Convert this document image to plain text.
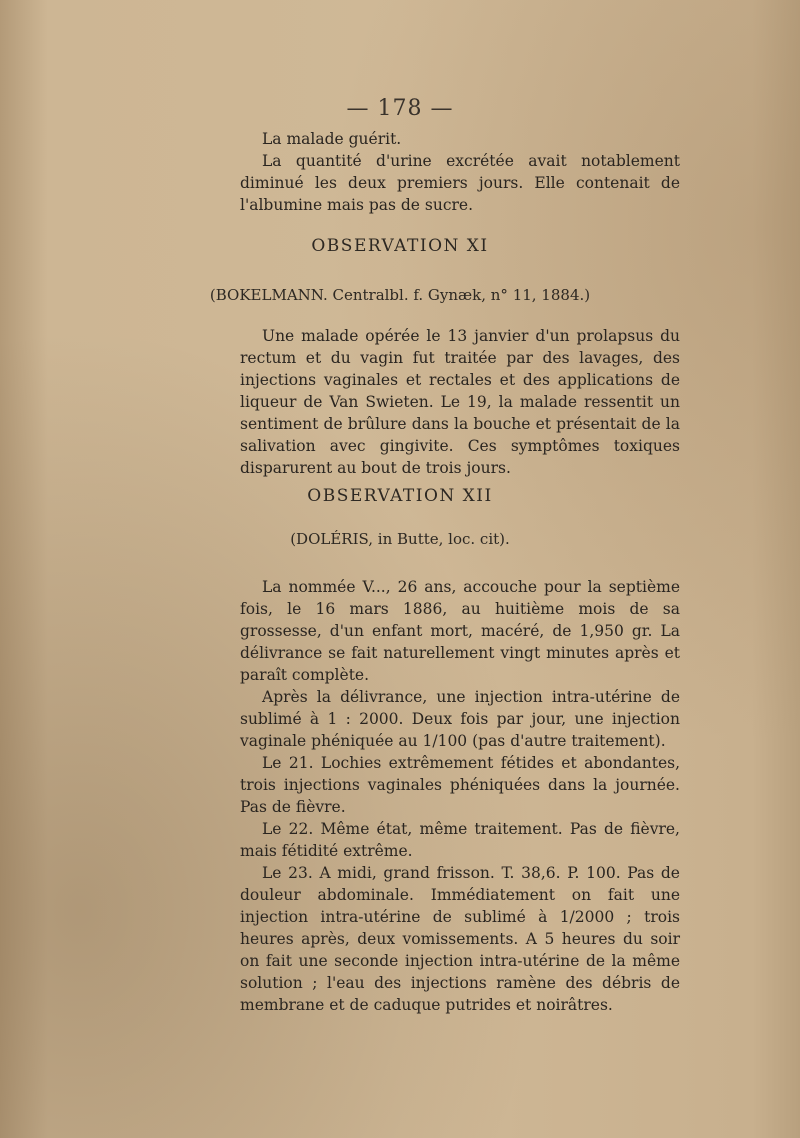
— 178 —

La malade guérit.

La quantité d'urine excrétée avait notablement diminué les deux premiers jours. Elle contenait de l'albumine mais pas de sucre.

OBSERVATION XI
(BOKELMANN. Centralbl. f. Gynæk, n° 11, 1884.)

Une malade opérée le 13 janvier d'un prolapsus du rectum et du vagin fut traitée par des lavages, des injections vaginales et rectales et des applications de liqueur de Van Swieten. Le 19, la malade ressentit un sentiment de brûlure dans la bouche et présentait de la salivation avec gingivite. Ces symptômes toxiques disparurent au bout de trois jours.

OBSERVATION XII
(DOLÉRIS, in Butte, loc. cit).

La nommée V..., 26 ans, accouche pour la septième fois, le 16 mars 1886, au huitième mois de sa grossesse, d'un enfant mort, macéré, de 1,950 gr. La délivrance se fait naturellement vingt minutes après et paraît complète.

Après la délivrance, une injection intra-utérine de sublimé à 1 : 2000. Deux fois par jour, une injection vaginale phéniquée au 1/100 (pas d'autre traitement).

Le 21. Lochies extrêmement fétides et abondantes, trois injections vaginales phéniquées dans la journée. Pas de fièvre.

Le 22. Même état, même traitement. Pas de fièvre, mais fétidité extrême.

Le 23. A midi, grand frisson. T. 38,6. P. 100. Pas de douleur abdominale. Immédiatement on fait une injection intra-utérine de sublimé à 1/2000 ; trois heures après, deux vomissements. A 5 heures du soir on fait une seconde injection intra-utérine de la même solution ; l'eau des injections ramène des débris de membrane et de caduque putrides et noirâtres.
